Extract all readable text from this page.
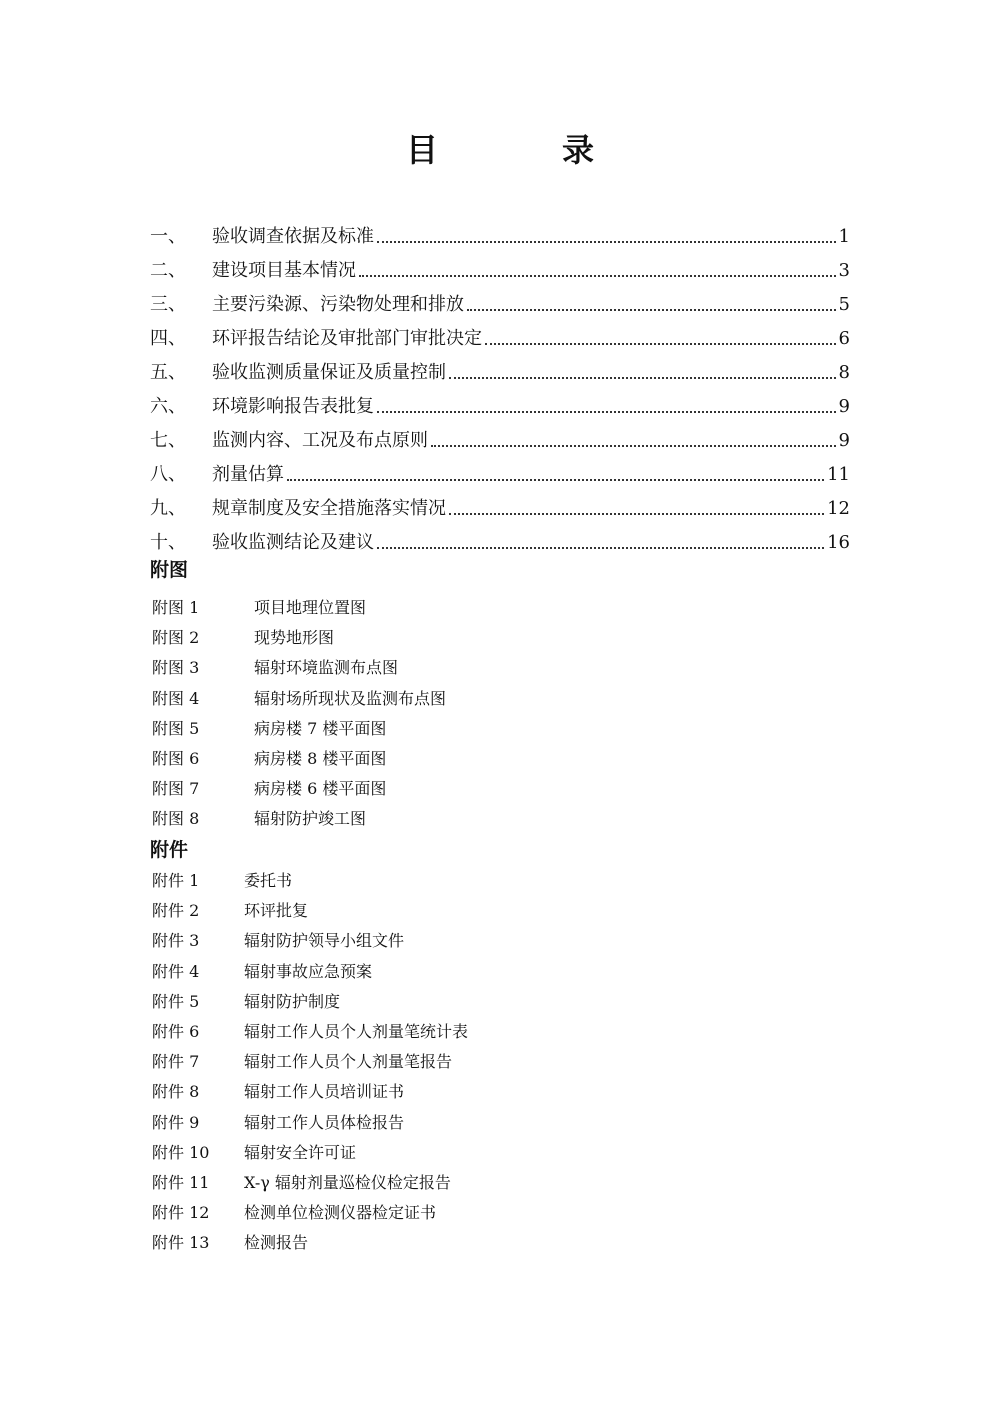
目　录
一、	验收调查依据及标准	1
二、	建设项目基本情况	3
三、	主要污染源、污染物处理和排放	5
四、	环评报告结论及审批部门审批决定	6
五、	验收监测质量保证及质量控制	8
六、	环境影响报告表批复	9
七、	监测内容、工况及布点原则	9
八、	剂量估算	11
九、	规章制度及安全措施落实情况	12
十、	验收监测结论及建议	16
附图
附图 1	项目地理位置图
附图 2	现势地形图
附图 3	辐射环境监测布点图
附图 4	辐射场所现状及监测布点图
附图 5	病房楼 7 楼平面图
附图 6	病房楼 8 楼平面图
附图 7	病房楼 6 楼平面图
附图 8	辐射防护竣工图
附件
附件 1	委托书
附件 2	环评批复
附件 3	辐射防护领导小组文件
附件 4	辐射事故应急预案
附件 5	辐射防护制度
附件 6	辐射工作人员个人剂量笔统计表
附件 7	辐射工作人员个人剂量笔报告
附件 8	辐射工作人员培训证书
附件 9	辐射工作人员体检报告
附件 10	辐射安全许可证
附件 11	X-γ 辐射剂量巡检仪检定报告
附件 12	检测单位检测仪器检定证书
附件 13	检测报告
